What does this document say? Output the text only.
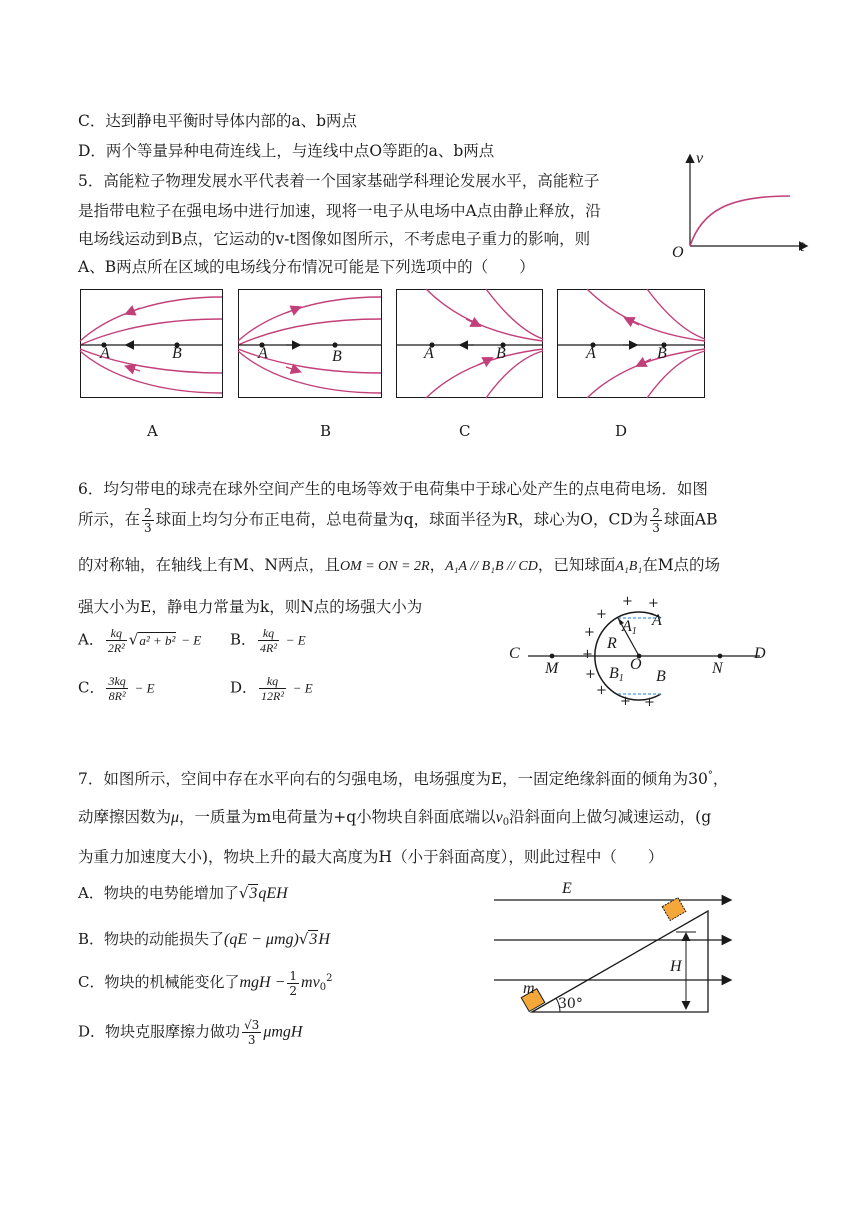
C．达到静电平衡时导体内部的a、b两点
D．两个等量异种电荷连线上，与连线中点O等距的a、b两点
5．高能粒子物理发展水平代表着一个国家基础学科理论发展水平，高能粒子
是指带电粒子在强电场中进行加速，现将一电子从电场中A点由静止释放，沿
电场线运动到B点，它运动的v-t图像如图所示，不考虑电子重力的影响，则
A、B两点所在区域的电场线分布情况可能是下列选项中的（　　）
v
t
O
A	B	A	B	A	B	A	B
A	B	C	D
6．均匀带电的球壳在球外空间产生的电场等效于电荷集中于球心处产生的点电荷电场．如图
所示，在 $\frac{2}{3}$ 球面上均匀分布正电荷，总电荷量为q，球面半径为R，球心为O，CD为 $\frac{2}{3}$ 球面AB
的对称轴，在轴线上有M、N两点，且OM = ON = 2R，A₁A // B₁B // CD，已知球面A₁B₁在M点的场
强大小为E，静电力常量为k，则N点的场强大小为
A． $\frac{kq}{\text{2R²}} √a^2 + b^2 - E$ B． $\frac{kq}{\text{4R²}} - E$
C． $\frac{3kq}{\text{8R²}} - E$	D． $\frac{kq}{\text{12R²}} - E$
C
M	O	N
D
R
$A_1$
A
$B_1$ B
+ +
+
+
+
+
+
+ +
7．如图所示，空间中存在水平向右的匀强电场，电场强度为E，一固定绝缘斜面的倾角为30°，
动摩擦因数为μ，一质量为m电荷量为+q小物块自斜面底端以$v_0$沿斜面向上做匀减速运动，(g
为重力加速度大小)，物块上升的最大高度为H（小于斜面高度），则此过程中（　　）
A．物块的电势能增加了√3qEH
B．物块的动能损失了(qE − μmg)√3H
C．物块的机械能变化了mgH − $\frac{1}{2} mv_0^2$
D．物块克服摩擦力做功 $\frac{√3}{3}$ μmgH
E
H
m
30°
